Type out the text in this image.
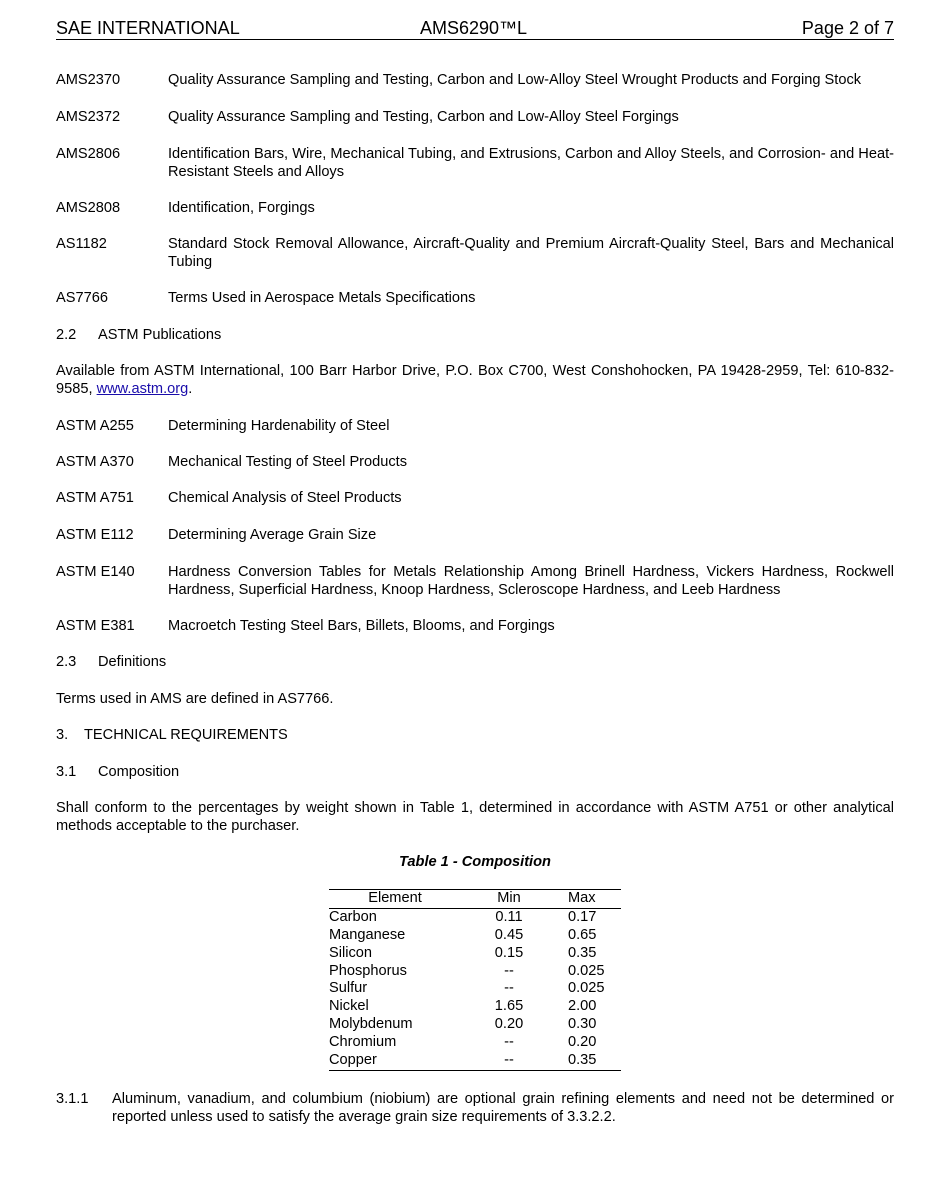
SAE INTERNATIONAL	AMS6290™L	Page 2 of 7
AMS2370	Quality Assurance Sampling and Testing, Carbon and Low-Alloy Steel Wrought Products and Forging Stock
AMS2372	Quality Assurance Sampling and Testing, Carbon and Low-Alloy Steel Forgings
AMS2806	Identification Bars, Wire, Mechanical Tubing, and Extrusions, Carbon and Alloy Steels, and Corrosion- and Heat-Resistant Steels and Alloys
AMS2808	Identification, Forgings
AS1182	Standard Stock Removal Allowance, Aircraft-Quality and Premium Aircraft-Quality Steel, Bars and Mechanical Tubing
AS7766	Terms Used in Aerospace Metals Specifications
2.2 ASTM Publications
Available from ASTM International, 100 Barr Harbor Drive, P.O. Box C700, West Conshohocken, PA 19428-2959, Tel: 610-832-9585, www.astm.org.
ASTM A255 Determining Hardenability of Steel
ASTM A370 Mechanical Testing of Steel Products
ASTM A751 Chemical Analysis of Steel Products
ASTM E112 Determining Average Grain Size
ASTM E140 Hardness Conversion Tables for Metals Relationship Among Brinell Hardness, Vickers Hardness, Rockwell Hardness, Superficial Hardness, Knoop Hardness, Scleroscope Hardness, and Leeb Hardness
ASTM E381 Macroetch Testing Steel Bars, Billets, Blooms, and Forgings
2.3 Definitions
Terms used in AMS are defined in AS7766.
3. TECHNICAL REQUIREMENTS
3.1 Composition
Shall conform to the percentages by weight shown in Table 1, determined in accordance with ASTM A751 or other analytical methods acceptable to the purchaser.
Table 1 - Composition
Element	Min	Max
Carbon	0.11	0.17
Manganese	0.45	0.65
Silicon	0.15	0.35
Phosphorus	--	0.025
Sulfur	--	0.025
Nickel	1.65	2.00
Molybdenum	0.20	0.30
Chromium	--	0.20
Copper	--	0.35
3.1.1 Aluminum, vanadium, and columbium (niobium) are optional grain refining elements and need not be determined or reported unless used to satisfy the average grain size requirements of 3.3.2.2.
